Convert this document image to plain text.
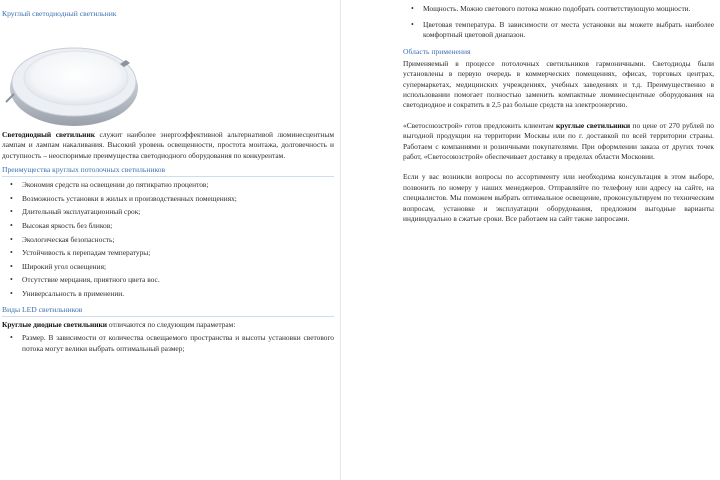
Круглый светодиодный светильник

Светодиодный светильник служит наиболее энергоэффективной альтернативой люминесцентным лампам и лампам накаливания. Высокий уровень освещенности, простота монтажа, долговечность и доступность – неоспоримые преимущества светодиодного оборудования по конкурентам.

Преимущества круглых потолочных светильников
• Экономия средств на освещении до пятикратно процентов;
• Возможность установки в жилых и производственных помещениях;
• Длительный эксплуатационный срок;
• Высокая яркость без бликов;
• Экологическая безопасность;
• Устойчивость к перепадам температуры;
• Широкий угол освещения;
• Отсутствие мерцания, приятного цвета вос.
• Универсальность в применении.
Виды LED светильников

Круглые диодные светильники отличаются по следующим параметрам:

• Размер. В зависимости от количества освещаемого пространства и высоты установки светового потока могут велики выбрать оптимальный размер;
• Мощность. Можно светового потока можно подобрать соответствующую мощности.
• Цветовая температура. В зависимости от места установки вы можете выбрать наиболее комфортный цветовой диапазон.
Область применения

Применяемый в процессе потолочных светильников гармоничными. Светодиоды были установлены в первую очередь в коммерческих помещениях, офисах, торговых центрах, супермаркетах, медицинских учреждениях, учебных заведениях и т.д. Преимущественно в использовании помогает полностью заменить компактные люминесцентные оборудования на светодиодное и сократить в 2,5 раз больше средств на электроэнергию.

«Светосоюзстрой» готов предложить клиентам круглые светильники по цене от 270 рублей по выгодной продукции на территории Москвы или по г. доставкой по всей территории страны. Работаем с компаниями и розничными покупателями. При оформлении заказа от других точек работ, «Светосоюзстрой» обеспечивает доставку в пределах области Московии.

Если у вас возникли вопросы по ассортименту или необходима консультация в этом выборе, позвонить по номеру у наших менеджеров. Отправляйте по телефону или адресу на сайте, на специалистов. Мы поможем выбрать оптимальное освещение, проконсультируем по техническим вопросам, установке и эксплуатации оборудования, предложим выгодные варианты индивидуально в сжатые сроки. Все работаем на сайт также запросами.
